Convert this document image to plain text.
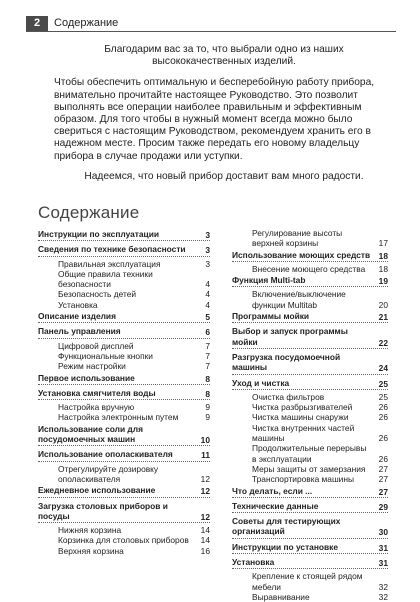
2	Содержание

Благодарим вас за то, что выбрали одно из наших высококачественных изделий.

Чтобы обеспечить оптимальную и бесперебойную работу прибора, внимательно прочитайте настоящее Руководство. Это позволит выполнять все операции наиболее правильным и эффективным образом. Для того чтобы в нужный момент всегда можно было свериться с настоящим Руководством, рекомендуем хранить его в надежном месте. Просим также передать его новому владельцу прибора в случае продажи или уступки.

Надеемся, что новый прибор доставит вам много радости.

Содержание
Инструкции по эксплуатации	3
Сведения по технике безопасности 3
Правильная эксплуатация	3
Общие правила техники безопасности	4
Безопасность детей	4
Установка	4
Описание изделия	5
Панель управления	6
Цифровой дисплей	7
Функциональные кнопки	7
Режим настройки	7
Первое использование	8
Установка смягчителя воды	8
Настройка вручную	9
Настройка электронным путем	9
Использование соли для посудомоечных машин	10
Использование ополаскивателя	11
Отрегулируйте дозировку ополаскивателя	12
Ежедневное использование	12
Загрузка столовых приборов и посуды	12
Нижняя корзина	14
Корзинка для столовых приборов 14
Верхняя корзина	16
Регулирование высоты верхней корзины	17
Использование моющих средств 18
Внесение моющего средства 18
Функция Multi-tab	19
Включение/выключение функции Multitab	20
Программы мойки	21
Выбор и запуск программы мойки	22
Разгрузка посудомоечной машины	24
Уход и чистка	25
Очистка фильтров	25
Чистка разбрызгивателей	26
Чистка машины снаружи	26
Чистка внутренних частей машины	26
Продолжительные перерывы в эксплуатации	26
Меры защиты от замерзания 27
Транспортировка машины	27
Что делать, если ...	27
Технические данные	29
Советы для тестирующих организаций	30
Инструкции по установке	31
Установка	31
Крепление к стоящей рядом мебели	32
Выравнивание	32
